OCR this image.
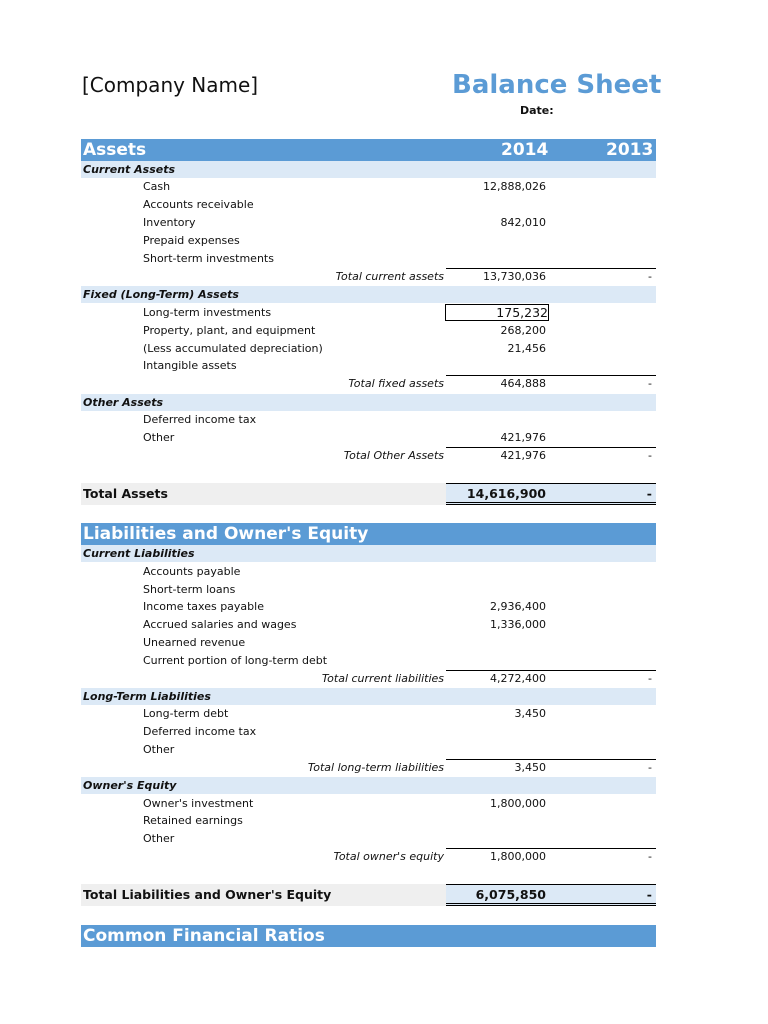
[Company Name]	Balance Sheet
Date:
Assets	2014	2013
Current Assets
Cash	12,888,026
Accounts receivable
Inventory	842,010
Prepaid expenses
Short-term investments
Total current assets	13,730,036	-
Fixed (Long-Term) Assets
Long-term investments	175,232
Property, plant, and equipment	268,200
(Less accumulated depreciation)	21,456
Intangible assets
Total fixed assets	464,888	-
Other Assets
Deferred income tax
Other	421,976
Total Other Assets	421,976	-
Total Assets	14,616,900	-
Liabilities and Owner's Equity
Current Liabilities
Accounts payable
Short-term loans
Income taxes payable	2,936,400
Accrued salaries and wages	1,336,000
Unearned revenue
Current portion of long-term debt
Total current liabilities	4,272,400	-
Long-Term Liabilities
Long-term debt	3,450
Deferred income tax
Other
Total long-term liabilities	3,450	-
Owner's Equity
Owner's investment	1,800,000
Retained earnings
Other
Total owner's equity	1,800,000	-
Total Liabilities and Owner's Equity	6,075,850	-
Common Financial Ratios
